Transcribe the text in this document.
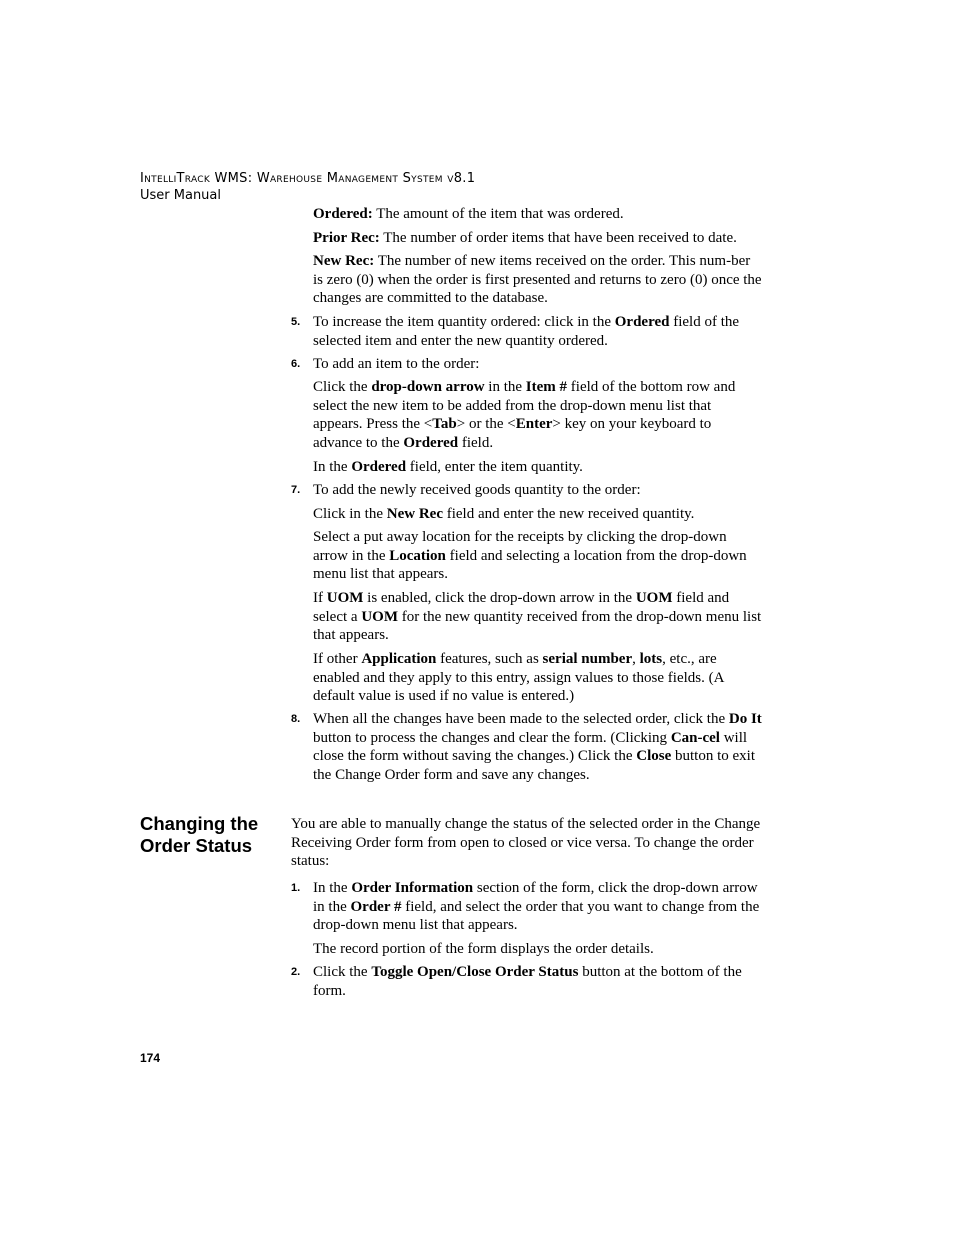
IntelliTrack WMS: Warehouse Management System v8.1
User Manual

Ordered: The amount of the item that was ordered.

Prior Rec: The number of order items that have been received to date.

New Rec: The number of new items received on the order. This num-ber is zero (0) when the order is first presented and returns to zero (0) once the changes are committed to the database.

5. To increase the item quantity ordered: click in the Ordered field of the selected item and enter the new quantity ordered.

6. To add an item to the order:

Click the drop-down arrow in the Item # field of the bottom row and select the new item to be added from the drop-down menu list that appears. Press the <Tab> or the <Enter> key on your keyboard to advance to the Ordered field.

In the Ordered field, enter the item quantity.

7. To add the newly received goods quantity to the order:

Click in the New Rec field and enter the new received quantity.

Select a put away location for the receipts by clicking the drop-down arrow in the Location field and selecting a location from the drop-down menu list that appears.

If UOM is enabled, click the drop-down arrow in the UOM field and select a UOM for the new quantity received from the drop-down menu list that appears.

If other Application features, such as serial number, lots, etc., are enabled and they apply to this entry, assign values to those fields. (A default value is used if no value is entered.)

8. When all the changes have been made to the selected order, click the Do It button to process the changes and clear the form. (Clicking Can-cel will close the form without saving the changes.) Click the Close button to exit the Change Order form and save any changes.

Changing the
Order Status

You are able to manually change the status of the selected order in the Change Receiving Order form from open to closed or vice versa. To change the order status:

1. In the Order Information section of the form, click the drop-down arrow in the Order # field, and select the order that you want to change from the drop-down menu list that appears.

The record portion of the form displays the order details.

2. Click the Toggle Open/Close Order Status button at the bottom of the form.

174
